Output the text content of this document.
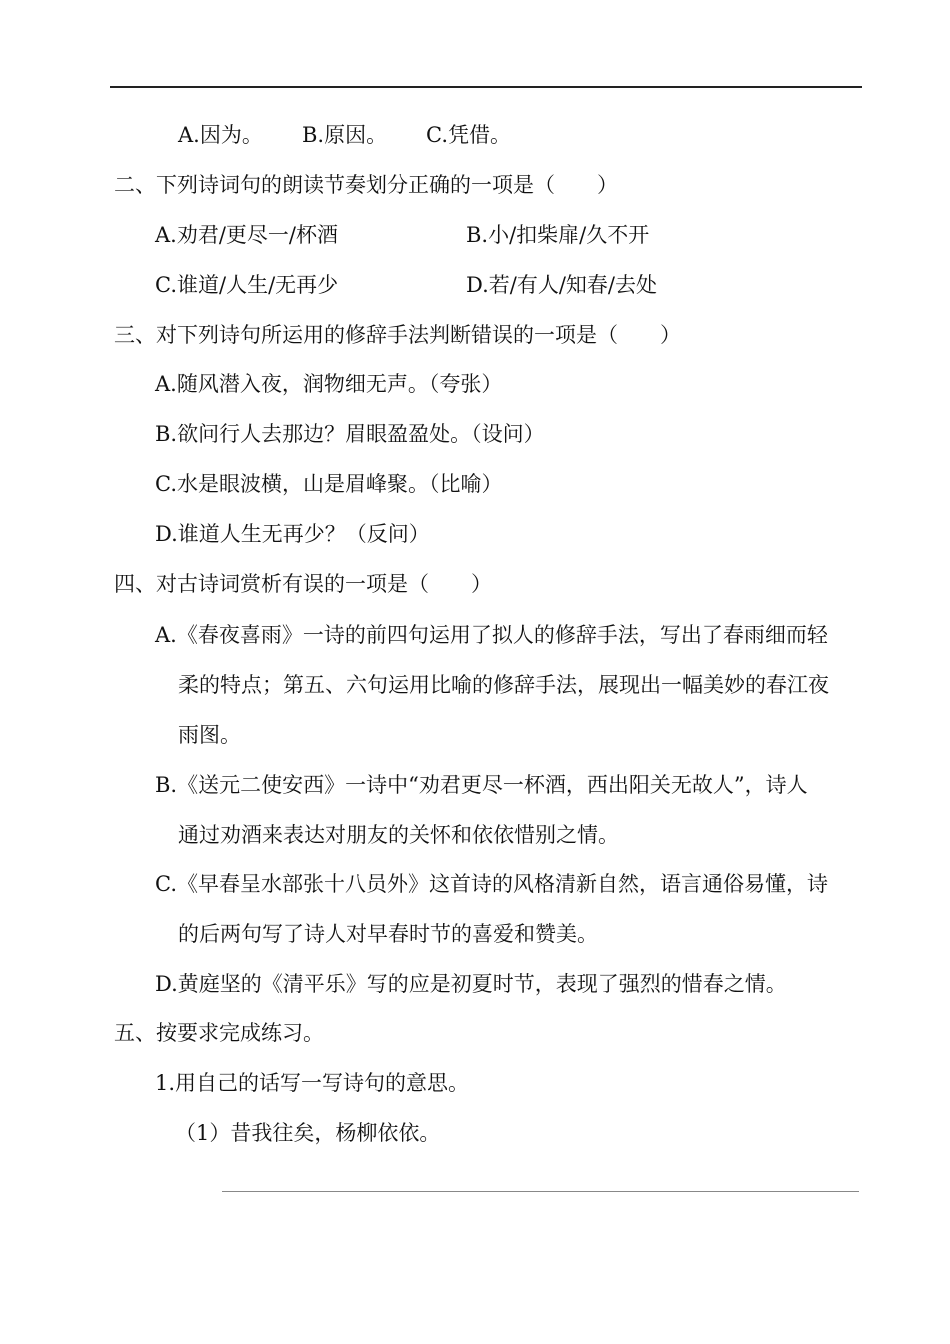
A.因为。 B.原因。 C.凭借。
二、下列诗词句的朗读节奏划分正确的一项是（　　）
A.劝君/更尽一/杯酒	B.小/扣柴扉/久不开
C.谁道/人生/无再少	D.若/有人/知春/去处
三、对下列诗句所运用的修辞手法判断错误的一项是（　　）
A.随风潜入夜，润物细无声。（夸张）
B.欲问行人去那边？眉眼盈盈处。（设问）
C.水是眼波横，山是眉峰聚。（比喻）
D.谁道人生无再少？（反问）
四、对古诗词赏析有误的一项是（　　）
A.《春夜喜雨》一诗的前四句运用了拟人的修辞手法，写出了春雨细而轻
柔的特点；第五、六句运用比喻的修辞手法，展现出一幅美妙的春江夜
雨图。
B.《送元二使安西》一诗中“劝君更尽一杯酒，西出阳关无故人”，诗人
通过劝酒来表达对朋友的关怀和依依惜别之情。
C.《早春呈水部张十八员外》这首诗的风格清新自然，语言通俗易懂，诗
的后两句写了诗人对早春时节的喜爱和赞美。
D.黄庭坚的《清平乐》写的应是初夏时节，表现了强烈的惜春之情。
五、按要求完成练习。
1.用自己的话写一写诗句的意思。
（1）昔我往矣，杨柳依依。
